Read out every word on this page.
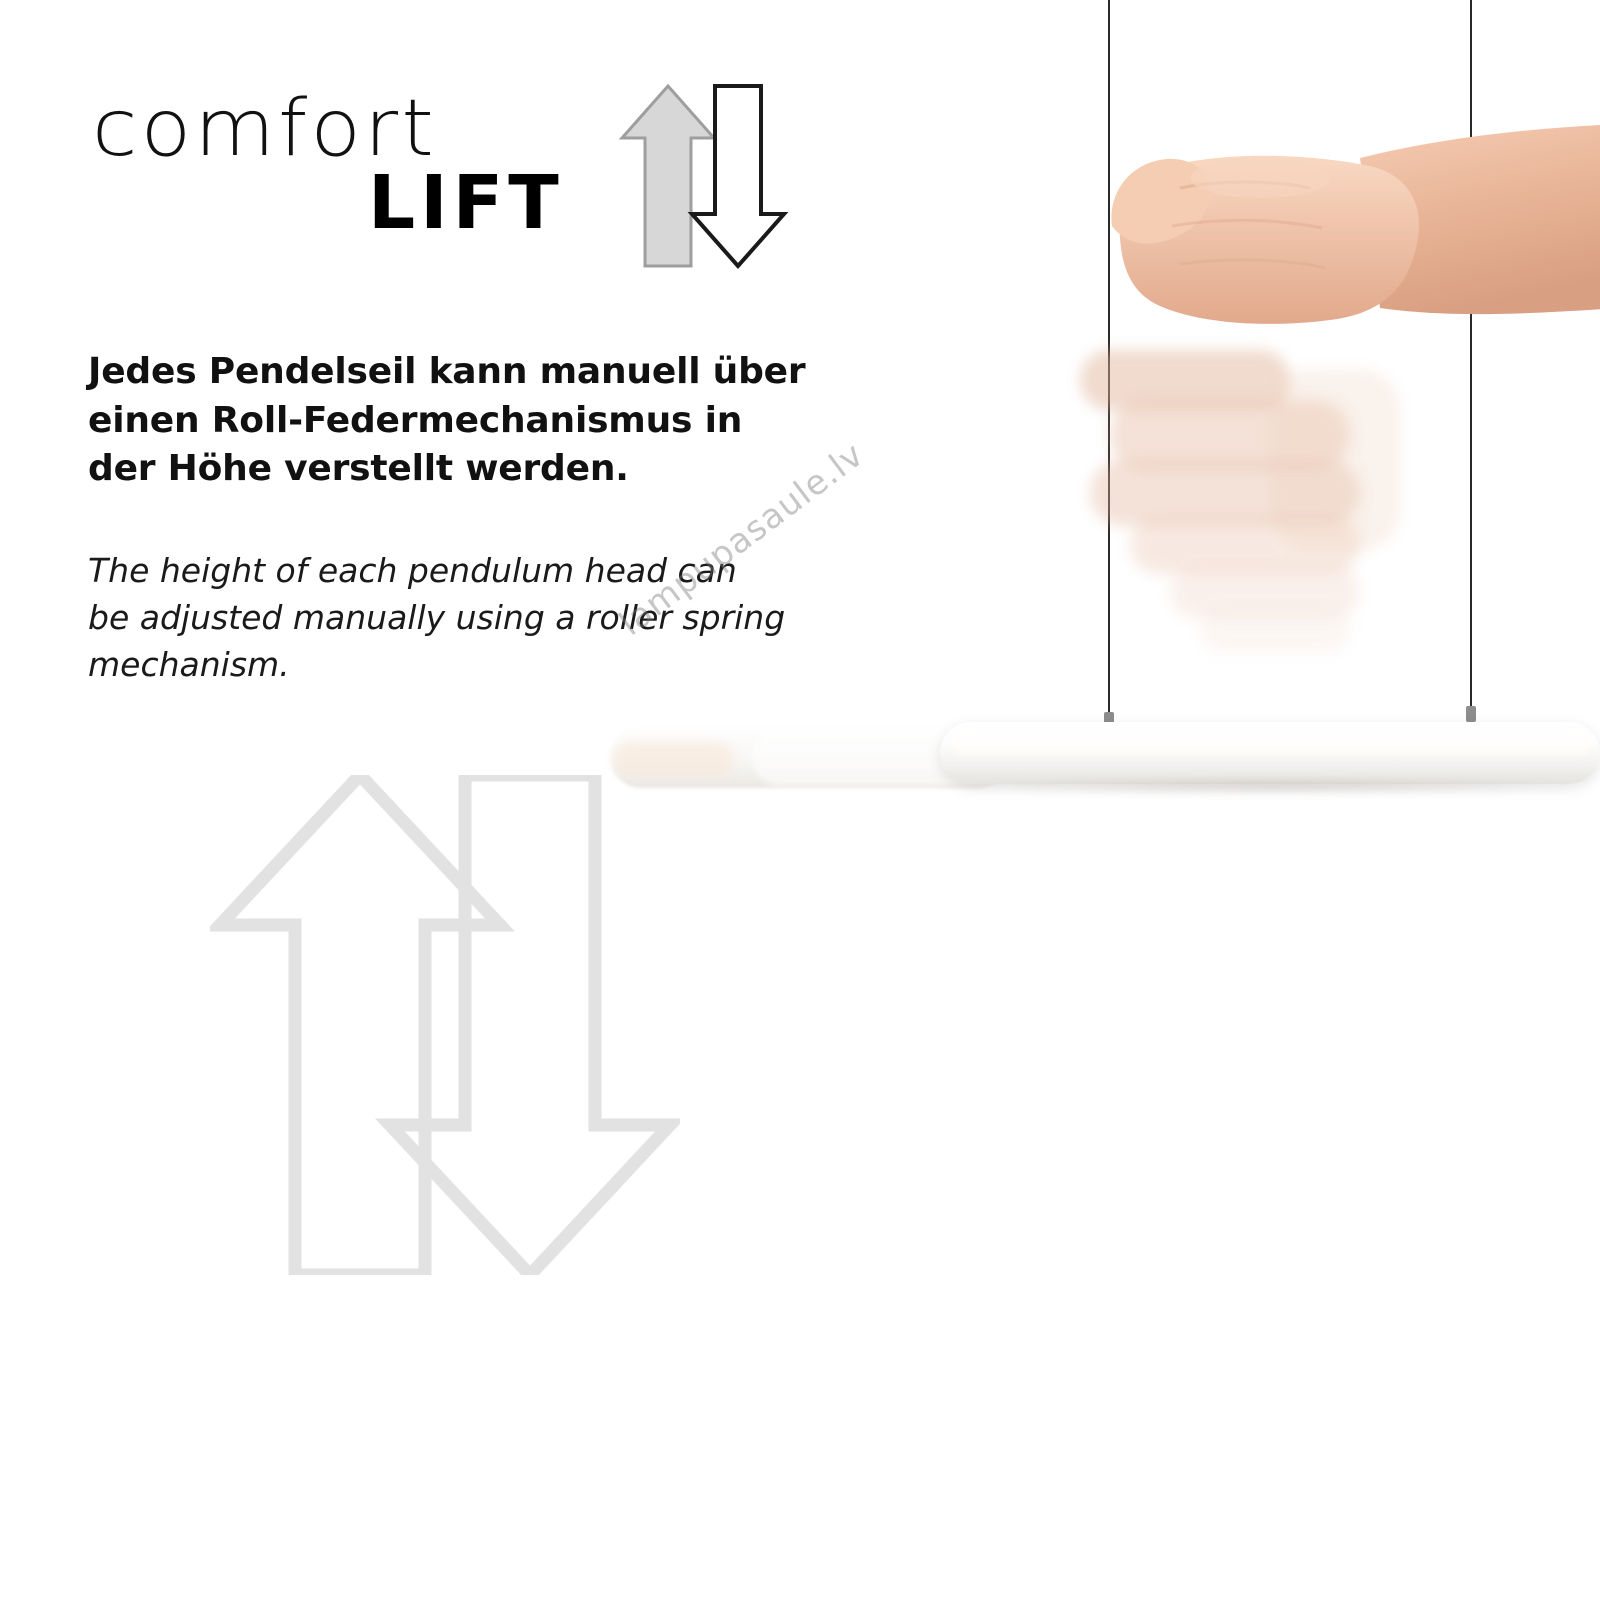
comfort
LIFT
Jedes Pendelseil kann manuell über einen Roll-Federmechanismus in der Höhe verstellt werden.
The height of each pendulum head can be adjusted manually using a roller spring mechanism.
lampupasaule.lv
